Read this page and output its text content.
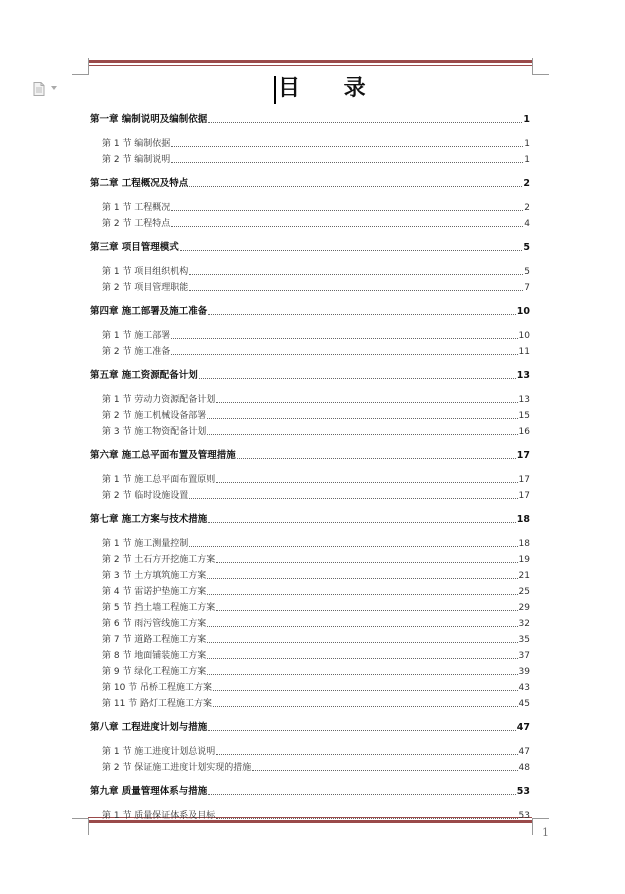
目 录
第一章 编制说明及编制依据	1
第 1 节 编制依据	1
第 2 节 编制说明	1
第二章 工程概况及特点	2
第 1 节 工程概况	2
第 2 节 工程特点	4
第三章 项目管理模式	5
第 1 节 项目组织机构	5
第 2 节 项目管理职能	7
第四章 施工部署及施工准备	10
第 1 节 施工部署	10
第 2 节 施工准备	11
第五章 施工资源配备计划	13
第 1 节 劳动力资源配备计划	13
第 2 节 施工机械设备部署	15
第 3 节 施工物资配备计划	16
第六章 施工总平面布置及管理措施	17
第 1 节 施工总平面布置原则	17
第 2 节 临时设施设置	17
第七章 施工方案与技术措施	18
第 1 节 施工测量控制	18
第 2 节 土石方开挖施工方案	19
第 3 节 土方填筑施工方案	21
第 4 节 雷诺护垫施工方案	25
第 5 节 挡土墙工程施工方案	29
第 6 节 雨污管线施工方案	32
第 7 节 道路工程施工方案	35
第 8 节 地面铺装施工方案	37
第 9 节 绿化工程施工方案	39
第 10 节 吊桥工程施工方案	43
第 11 节 路灯工程施工方案	45
第八章 工程进度计划与措施	47
第 1 节 施工进度计划总说明	47
第 2 节 保证施工进度计划实现的措施	48
第九章 质量管理体系与措施	53
第 1 节 质量保证体系及目标	53
1
